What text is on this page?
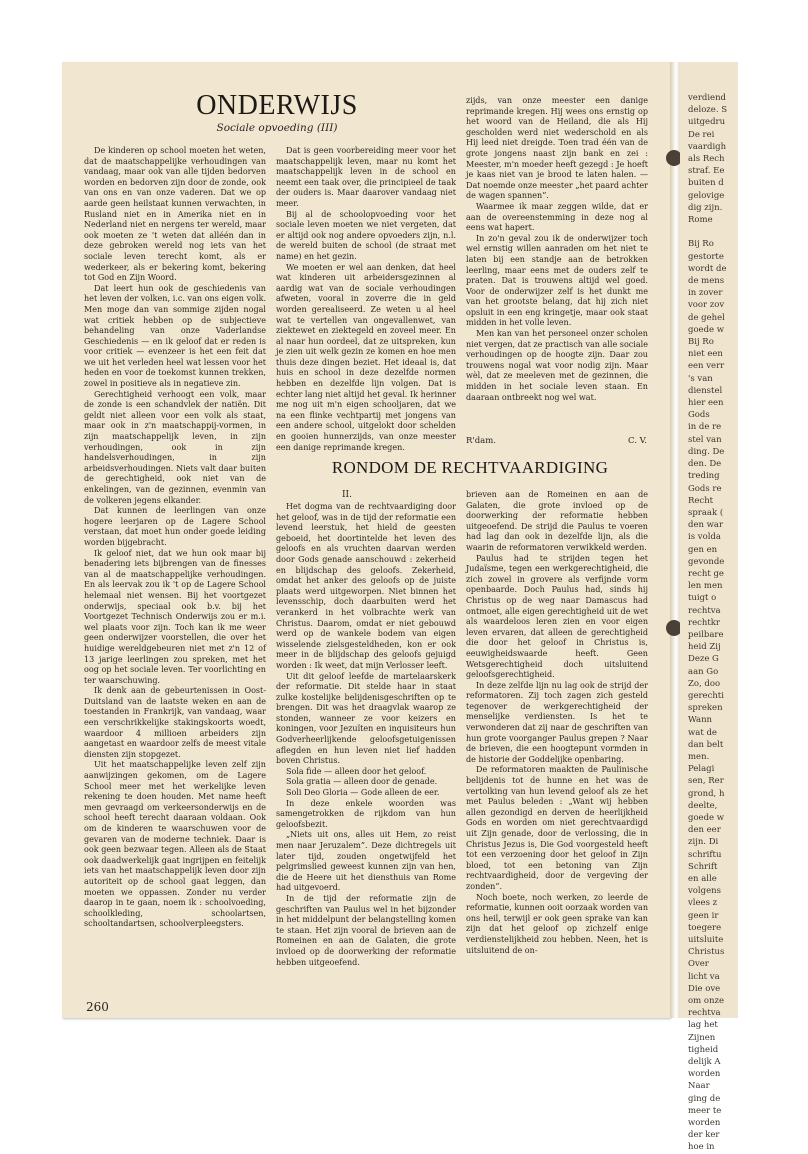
ONDERWIJS
Sociale opvoeding (III)

De kinderen op school moeten het weten, dat de maatschappelijke verhoudingen van vandaag, maar ook van alle tijden bedorven worden en bedorven zijn door de zonde, ook van ons en van onze vaderen. Dat we op aarde geen heilstaat kunnen verwachten, in Rusland niet en in Amerika niet en in Nederland niet en nergens ter wereld, maar ook moeten ze 't weten dat alléén dan in deze gebroken wereld nog iets van het sociale leven terecht komt, als er wederkeer, als er bekering komt, bekering tot God en Zijn Woord.

Dat leert hun ook de geschiedenis van het leven der volken, i.c. van ons eigen volk. Men moge dan van sommige zijden nogal wat critiek hebben op de subjectieve behandeling van onze Vaderlandse Geschiedenis — en ik geloof dat er reden is voor critiek — evenzeer is het een feit dat we uit het verleden heel wat lessen voor het heden en voor de toekomst kunnen trekken, zowel in positieve als in negatieve zin.

Gerechtigheid verhoogt een volk, maar de zonde is een schandvlek der natiën. Dit geldt niet alleen voor een volk als staat, maar ook in z'n maatschappij-vormen, in zijn maatschappelijk leven, in zijn verhoudingen, ook in zijn handelsverhoudingen, in zijn arbeidsverhoudingen. Niets valt daar buiten de gerechtigheid, ook niet van de enkelingen, van de gezinnen, evenmin van de volkeren jegens elkander.

Dat kunnen de leerlingen van onze hogere leerjaren op de Lagere School verstaan, dat moet hun onder goede leiding worden bijgebracht.

Ik geloof niet, dat we hun ook maar bij benadering iets bijbrengen van de finesses van al de maatschappelijke verhoudingen. En als leervak zou ik 't op de Lagere School helemaal niet wensen. Bij het voortgezet onderwijs, speciaal ook b.v. bij het Voortgezet Technisch Onderwijs zou er m.i. wel plaats voor zijn. Toch kan ik me weer geen onderwijzer voorstellen, die over het huidige wereldgebeuren niet met z'n 12 of 13 jarige leerlingen zou spreken, met het oog op het sociale leven. Ter voorlichting en ter waarschuwing.

Ik denk aan de gebeurtenissen in Oost-Duitsland van de laatste weken en aan de toestanden in Frankrijk, van vandaag, waar een verschrikkelijke stakingskoorts woedt, waardoor 4 millioen arbeiders zijn aangetast en waardoor zelfs de meest vitale diensten zijn stopgezet.

Uit het maatschappelijke leven zelf zijn aanwijzingen gekomen, om de Lagere School meer met het werkelijke leven rekening te doen houden. Met name heeft men gevraagd om verkeersonderwijs en de school heeft terecht daaraan voldaan. Ook om de kinderen te waarschuwen voor de gevaren van de moderne techniek. Daar is ook geen bezwaar tegen. Alleen als de Staat ook daadwerkelijk gaat ingrijpen en feitelijk iets van het maatschappelijk leven door zijn autoriteit op de school gaat leggen, dan moeten we oppassen. Zonder nu verder daarop in te gaan, noem ik : schoolvoeding, schoolkleding, schoolartsen, schooltandartsen, schoolverpleegsters.

Dat is geen voorbereiding meer voor het maatschappelijk leven, maar nu komt het maatschappelijk leven in de school en neemt een taak over, die principieel de taak der ouders is. Maar daarover vandaag niet meer.

Bij al de schoolopvoeding voor het sociale leven moeten we niet vergeten, dat er altijd ook nog andere opvoeders zijn, n.l. de wereld buiten de school (de straat met name) en het gezin.

We moeten er wel aan denken, dat heel wat kinderen uit arbeidersgezinnen al aardig wat van de sociale verhoudingen afweten, vooral in zoverre die in geld worden gerealiseerd. Ze weten u al heel wat te vertellen van ongevallenwet, van ziektewet en ziektegeld en zoveel meer. En al naar hun oordeel, dat ze uitspreken, kun je zien uit welk gezin ze komen en hoe men thuis deze dingen beziet. Het ideaal is, dat huis en school in deze dezelfde normen hebben en dezelfde lijn volgen. Dat is echter lang niet altijd het geval. Ik herinner me nog uit m'n eigen schooljaren, dat we na een flinke vechtpartij met jongens van een andere school, uitgelokt door schelden en gooien hunnerzijds, van onze meester een danige reprimande kregen.

zijds, van onze meester een danige reprimande kregen. Hij wees ons ernstig op het woord van de Heiland, die als Hij gescholden werd niet wederschold en als Hij leed niet dreigde. Toen trad één van de grote jongens naast zijn bank en zei : Meester, m'n moeder heeft gezegd : Je hoeft je kaas niet van je brood te laten halen. — Dat noemde onze meester „het paard achter de wagen spannen”.

Waarmee ik maar zeggen wilde, dat er aan de overeenstemming in deze nog al eens wat hapert.

In zo'n geval zou ik de onderwijzer toch wel ernstig willen aanraden om het niet te laten bij een standje aan de betrokken leerling, maar eens met de ouders zelf te praten. Dat is trouwens altijd wel goed. Voor de onderwijzer zelf is het dunkt me van het grootste belang, dat hij zich niet opsluit in een eng kringetje, maar ook staat midden in het volle leven.

Men kan van het personeel onzer scholen niet vergen, dat ze practisch van alle sociale verhoudingen op de hoogte zijn. Daar zou trouwens nogal wat voor nodig zijn. Maar wèl, dat ze meeleven met de gezinnen, die midden in het sociale leven staan. En daaraan ontbreekt nog wel wat.

R'dam.	C. V.
RONDOM DE RECHTVAARDIGING
II.

Het dogma van de rechtvaardiging door het geloof, was in de tijd der reformatie een levend leerstuk, het hield de geesten geboeid, het doortintelde het leven des geloofs en als vruchten daarvan werden door Gods genade aanschouwd : zekerheid en blijdschap des geloofs. Zekerheid, omdat het anker des geloofs op de juiste plaats werd uitgeworpen. Niet binnen het levensschip, doch daarbuiten werd het verankerd in het volbrachte werk van Christus. Daarom, omdat er niet gebouwd werd op de wankele bodem van eigen wisselende zielsgesteldheden, kon er ook meer in de blijdschap des geloofs gejuigd worden : Ik weet, dat mijn Verlosser leeft.

Uit dit geloof leefde de martelaarskerk der reformatie. Dit stelde haar in staat zulke kostelijke belijdenisgeschriften op te brengen. Dit was het draagvlak waarop ze stonden, wanneer ze voor keizers en koningen, voor Jezuïten en inquisiteurs hun Godverheerlijkende geloofsgetuigenissen aflegden en hun leven niet lief hadden boven Christus.

Sola fide — alleen door het geloof.

Sola gratia — alleen door de genade.

Soli Deo Gloria — Gode alleen de eer.

In deze enkele woorden was samengetrokken de rijkdom van hun geloofsbezit.

„Niets uit ons, alles uit Hem, zo reist men naar Jeruzalem”. Deze dichtregels uit later tijd, zouden ongetwijfeld het pelgrimslied geweest kunnen zijn van hen, die de Heere uit het diensthuis van Rome had uitgevoerd.

In de tijd der reformatie zijn de geschriften van Paulus wel in het bijzonder in het middelpunt der belangstelling komen te staan. Het zijn vooral de brieven aan de Romeinen en aan de Galaten, die grote invloed op de doorwerking der reformatie hebben uitgeoefend.

brieven aan de Romeinen en aan de Galaten, die grote invloed op de doorwerking der reformatie hebben uitgeoefend. De strijd die Paulus te voeren had lag dan ook in dezelfde lijn, als die waarin de reformatoren verwikkeld werden.

Paulus had te strijden tegen het Judaïsme, tegen een werkgerechtigheid, die zich zowel in grovere als verfijnde vorm openbaarde. Doch Paulus had, sinds hij Christus op de weg naar Damascus had ontmoet, alle eigen gerechtigheid uit de wet als waardeloos leren zien en voor eigen leven ervaren, dat alleen de gerechtigheid die door het geloof in Christus is, eeuwigheidswaarde heeft. Geen Wetsgerechtigheid doch uitsluitend geloofsgerechtigheid.

In deze zelfde lijn nu lag ook de strijd der reformatoren. Zij toch zagen zich gesteld tegenover de werkgerechtigheid der menselijke verdiensten. Is het te verwonderen dat zij naar de geschriften van hun grote voorganger Paulus grepen ? Naar de brieven, die een hoogtepunt vormden in de historie der Goddelijke openbaring.

De reformatoren maakten de Paulinische belijdenis tot de hunne en het was de vertolking van hun levend geloof als ze het met Paulus beleden : „Want wij hebben allen gezondigd en derven de heerlijkheid Gods en worden om niet gerechtvaardigd uit Zijn genade, door de verlossing, die in Christus Jezus is, Die God voorgesteld heeft tot een verzoening door het geloof in Zijn bloed, tot een betoning van Zijn rechtvaardigheid, door de vergeving der zonden”.

Noch boete, noch werken, zo leerde de reformatie, kunnen ooit oorzaak worden van ons heil, terwijl er ook geen sprake van kan zijn dat het geloof op zichzelf enige verdienstelijkheid zou hebben. Neen, het is uitsluitend de on-

260
verdiend
deloze. S
uitgedru
De rei
vaardigh
als Rech
straf. Ee
buiten d
gelovige
dig zijn.
Rome

Bij Ro
gestorte
wordt de
de mens
in zover
voor zov
de gehel
goede w
Bij Ro
niet een
een verr
's van
dienstel
hier een
Gods
in de re
stel van
ding. De
den. De
treding
Gods re
Recht
spraak (
den war
is volda
gen en
gevonde
recht ge
len men
tuigt o
rechtva
rechtkr
peilbare
heid Zij
Deze G
aan Go
Zo, doo
gerechti
spreken
Wann
wat de
dan belt
men.
Pelagi
sen, Rer
grond, h
deelte,
goede w
den eer
zijn. Di
schriftu
Schrift
en alle
volgens
vlees z
geen ir
toegere
uitsluite
Christus
Over
licht va
Die ove
om onze
rechtva
lag het
Zijnen
tigheid
delijk A
worden
Naar
ging de
meer te
worden
der ker
hoe in
